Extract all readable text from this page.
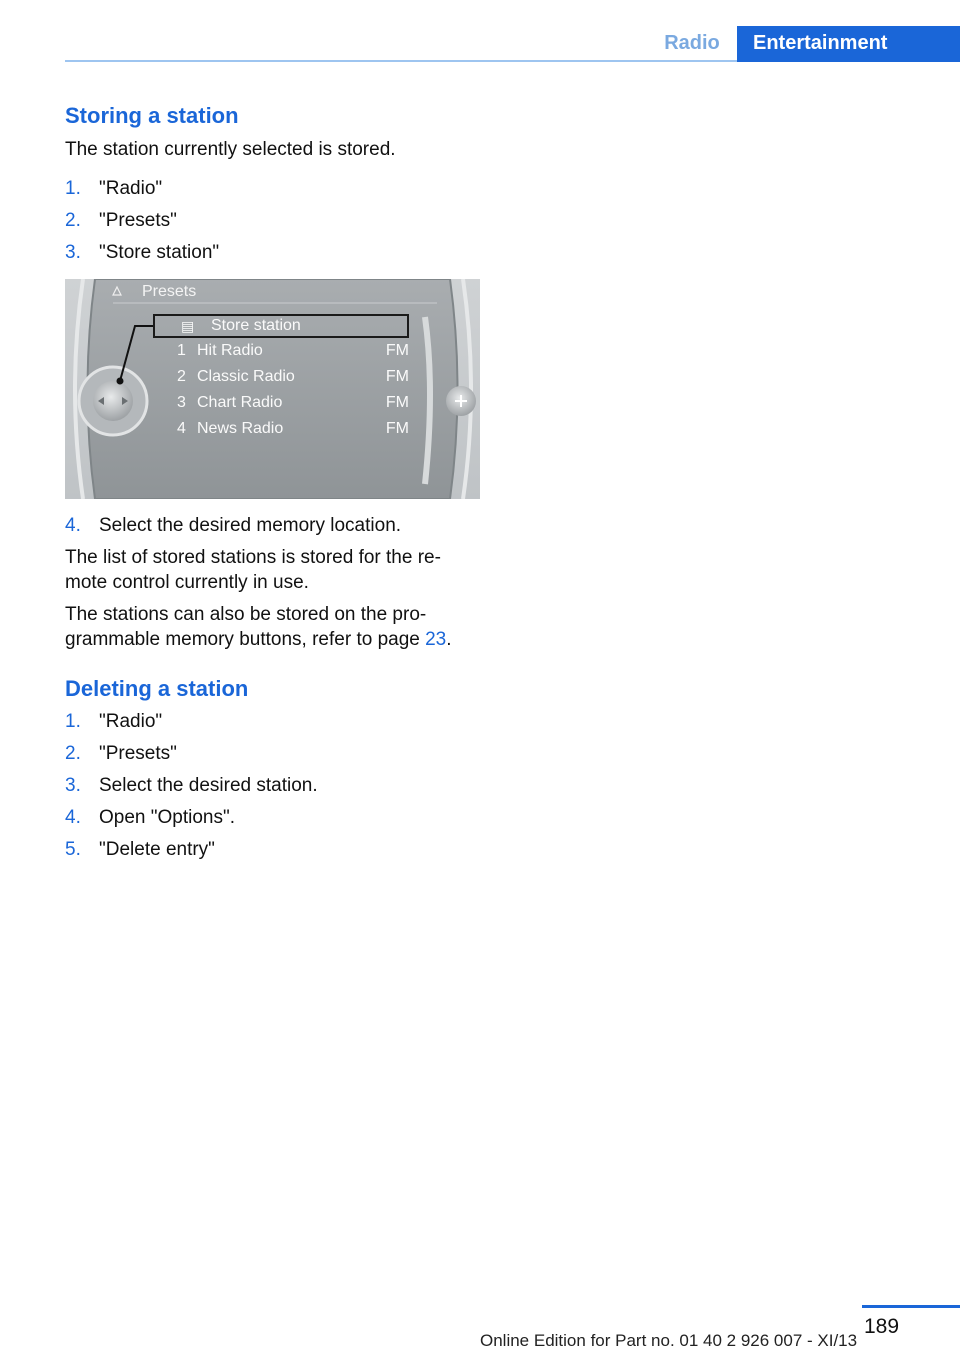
Radio	Entertainment
Storing a station
The station currently selected is stored.
1. "Radio"
2. "Presets"
3. "Store station"
Presets
▤ Store station
1 Hit Radio	FM
2 Classic Radio	FM
3 Chart Radio	FM
4 News Radio	FM
4. Select the desired memory location.
The list of stored stations is stored for the re-mote control currently in use.
The stations can also be stored on the pro-grammable memory buttons, refer to page 23.
Deleting a station
1. "Radio"
2. "Presets"
3. Select the desired station.
4. Open "Options".
5. "Delete entry"
189
Online Edition for Part no. 01 40 2 926 007 - XI/13
